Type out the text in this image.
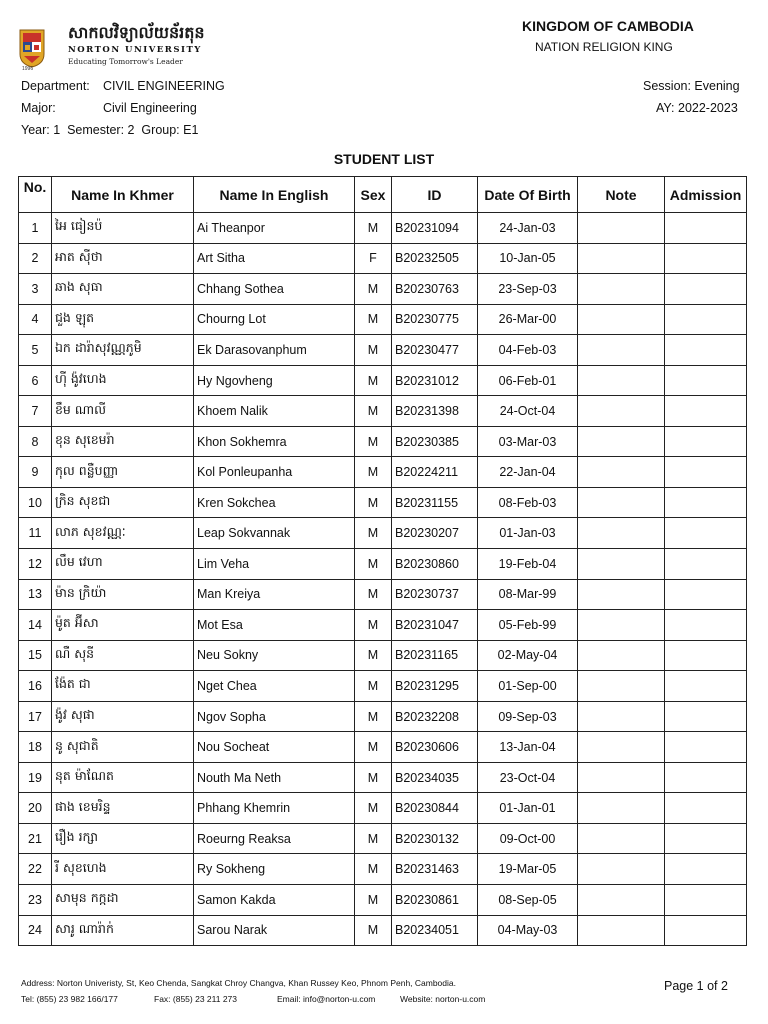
1996
សាកលវិទ្យាល័យន័រតុន
NORTON UNIVERSITY
Educating Tomorrow's Leader
KINGDOM OF CAMBODIA
NATION RELIGION KING
Department: CIVIL ENGINEERING
Major:	Civil Engineering
Year: 1  Semester: 2  Group: E1
Session: Evening
AY: 2022-2023
STUDENT LIST
No.	Name In Khmer	Name In English	Sex	ID	Date Of Birth	Note	Admission
1	អៃ ធៀនប៉	Ai Theanpor	M	B20231094	24-Jan-03		
2	អាត ស៊ីថា	Art Sitha	F	B20232505	10-Jan-05		
3	ឆាង សុធា	Chhang Sothea	M	B20230763	23-Sep-03		
4	ជួង ឡុត	Chourng Lot	M	B20230775	26-Mar-00		
5	ឯក ដារ៉ាសុវណ្ណភូមិ	Ek Darasovanphum	M	B20230477	04-Feb-03		
6	ហ៊ី ង៉ូវហេង	Hy Ngovheng	M	B20231012	06-Feb-01		
7	ខឹម ណាលី	Khoem Nalik	M	B20231398	24-Oct-04		
8	ខុន សុខេមរ៉ា	Khon Sokhemra	M	B20230385	03-Mar-03		
9	កុល ពន្លឺបញ្ញា	Kol Ponleupanha	M	B20224211	22-Jan-04		
10	ក្រិន សុខជា	Kren Sokchea	M	B20231155	08-Feb-03		
11	លាភ សុខវណ្ណៈ	Leap Sokvannak	M	B20230207	01-Jan-03		
12	លឹម វេហា	Lim Veha	M	B20230860	19-Feb-04		
13	ម៉ាន ក្រិយ៉ា	Man Kreiya	M	B20230737	08-Mar-99		
14	ម៉ូត អ៊ីសា	Mot Esa	M	B20231047	05-Feb-99		
15	ណឺ សុនី	Neu Sokny	M	B20231165	02-May-04		
16	ង៉ែត ជា	Nget Chea	M	B20231295	01-Sep-00		
17	ង៉ូវ សុផា	Ngov Sopha	M	B20232208	09-Sep-03		
18	នូ សុជាតិ	Nou Socheat	M	B20230606	13-Jan-04		
19	នុត ម៉ាណែត	Nouth Ma Neth	M	B20234035	23-Oct-04		
20	ផាង ខេមរិន្ទ	Phhang Khemrin	M	B20230844	01-Jan-01		
21	រឿង រក្សា	Roeurng Reaksa	M	B20230132	09-Oct-00		
22	រី សុខហេង	Ry Sokheng	M	B20231463	19-Mar-05		
23	សាមុន កក្កដា	Samon Kakda	M	B20230861	08-Sep-05		
24	សារូ ណារ៉ាក់	Sarou Narak	M	B20234051	04-May-03		
Address: Norton Univeristy, St, Keo Chenda, Sangkat Chroy Changva, Khan Russey Keo, Phnom Penh, Cambodia.
Tel: (855) 23 982 166/177	Fax: (855) 23 211 273	Email: info@norton-u.com	Website: norton-u.com
Page 1 of 2
